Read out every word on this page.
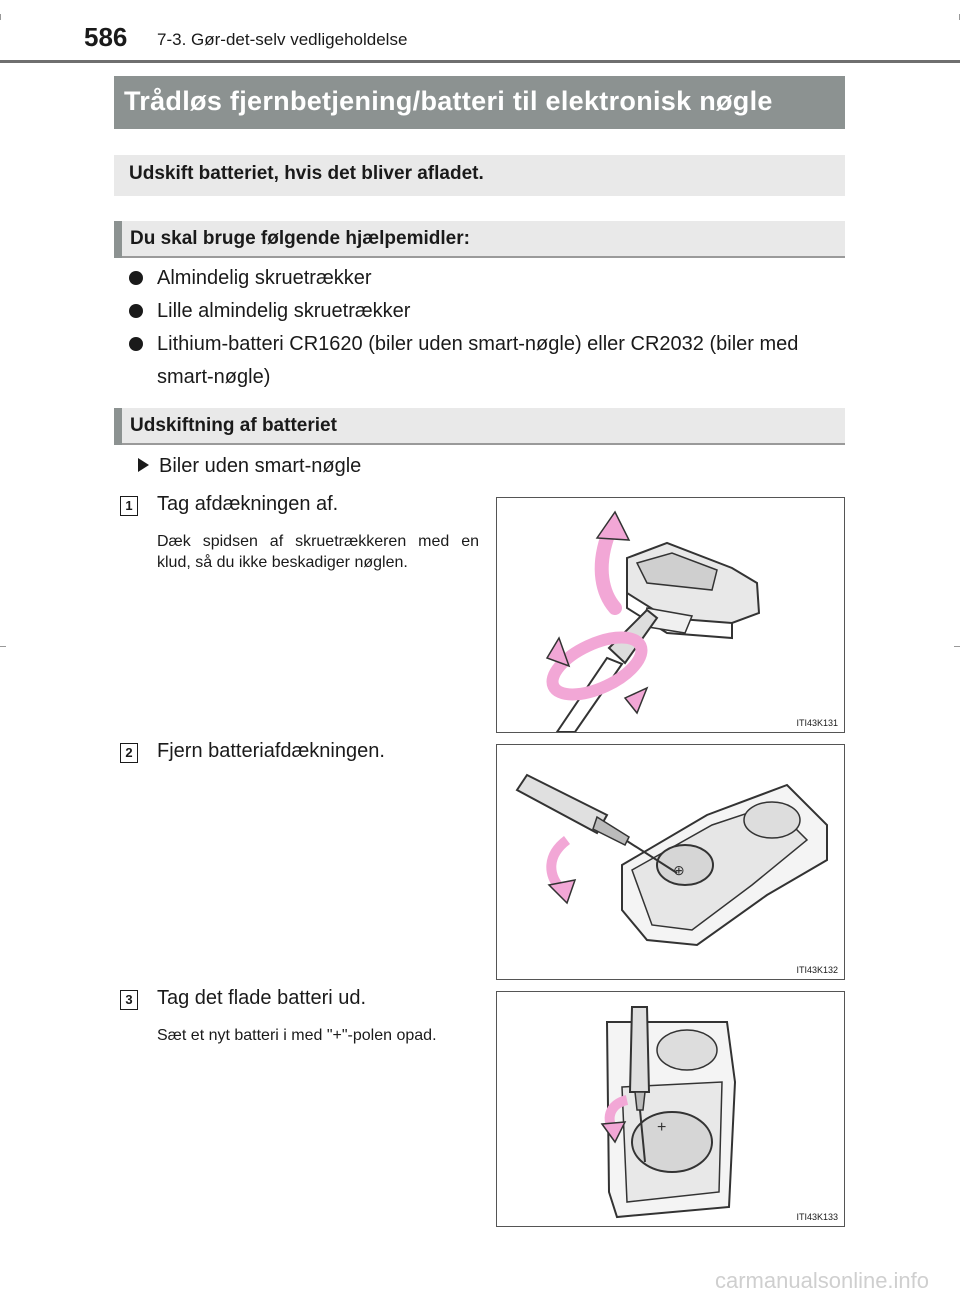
586 7-3. Gør-det-selv vedligeholdelse
Trådløs fjernbetjening/batteri til elektronisk nøgle
Udskift batteriet, hvis det bliver afladet.
Du skal bruge følgende hjælpemidler:
Almindelig skruetrækker
Lille almindelig skruetrækker
Lithium-batteri CR1620 (biler uden smart-nøgle) eller CR2032 (biler med smart-nøgle)
Udskiftning af batteriet
Biler uden smart-nøgle
1 Tag afdækningen af.
Dæk spidsen af skruetrækkeren med en klud, så du ikke beskadiger nøglen.
ITI43K131
2 Fjern batteriafdækningen.
⊕
ITI43K132
3 Tag det flade batteri ud.
Sæt et nyt batteri i med "+"-polen opad.
+
ITI43K133
carmanualsonline.info
